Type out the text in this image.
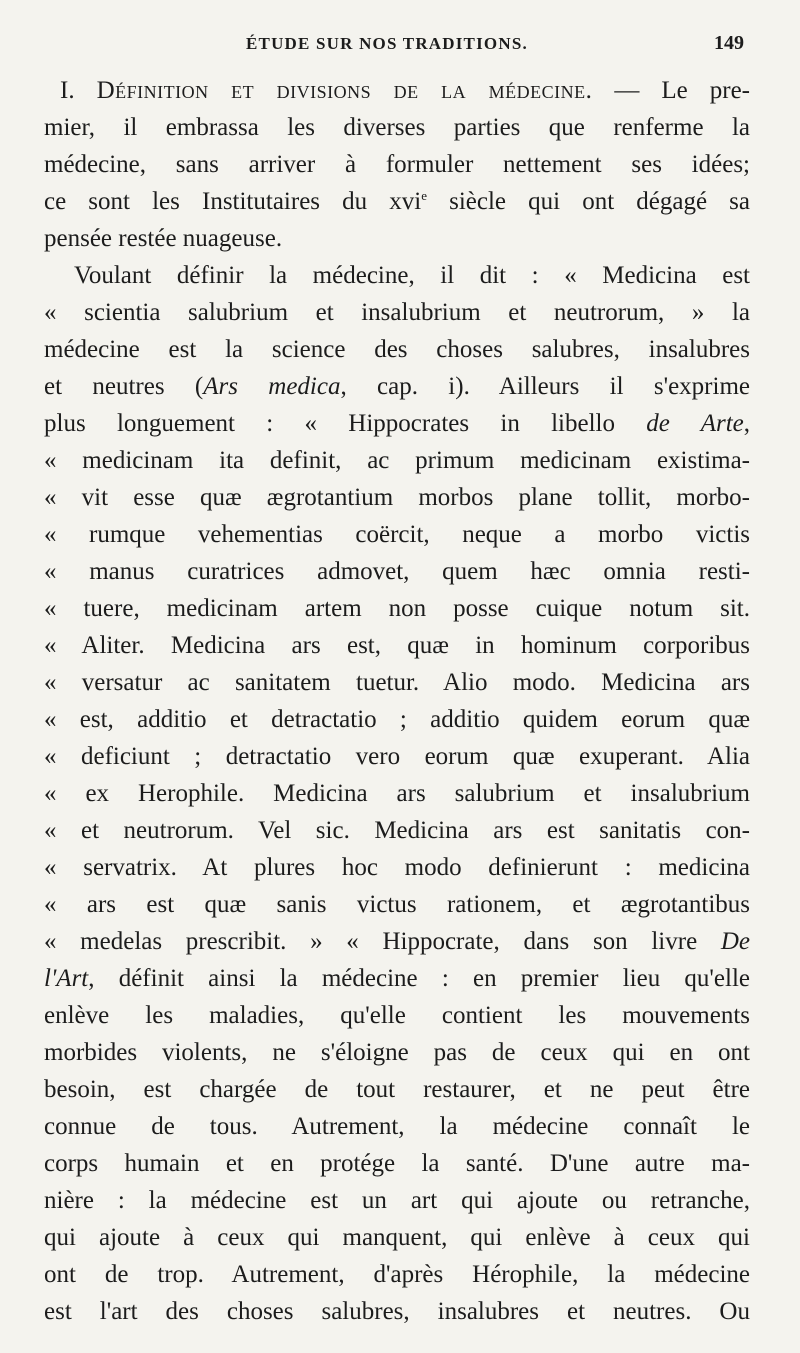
ÉTUDE SUR NOS TRADITIONS.	149
I. Définition et divisions de la médecine. — Le pre-
mier, il embrassa les diverses parties que renferme la
médecine, sans arriver à formuler nettement ses idées;
ce sont les Institutaires du xvi$^e$ siècle qui ont dégagé sa
pensée restée nuageuse.
Voulant définir la médecine, il dit : « Medicina est
« scientia salubrium et insalubrium et neutrorum, » la
médecine est la science des choses salubres, insalubres
et neutres (Ars medica, cap. i). Ailleurs il s'exprime
plus longuement : « Hippocrates in libello de Arte,
« medicinam ita definit, ac primum medicinam existima-
« vit esse quæ ægrotantium morbos plane tollit, morbo-
« rumque vehementias coërcit, neque a morbo victis
« manus curatrices admovet, quem hæc omnia resti-
« tuere, medicinam artem non posse cuique notum sit.
« Aliter. Medicina ars est, quæ in hominum corporibus
« versatur ac sanitatem tuetur. Alio modo. Medicina ars
« est, additio et detractatio ; additio quidem eorum quæ
« deficiunt ; detractatio vero eorum quæ exuperant. Alia
« ex Herophile. Medicina ars salubrium et insalubrium
« et neutrorum. Vel sic. Medicina ars est sanitatis con-
« servatrix. At plures hoc modo definierunt : medicina
« ars est quæ sanis victus rationem, et ægrotantibus
« medelas prescribit. » « Hippocrate, dans son livre De
l'Art, définit ainsi la médecine : en premier lieu qu'elle
enlève les maladies, qu'elle contient les mouvements
morbides violents, ne s'éloigne pas de ceux qui en ont
besoin, est chargée de tout restaurer, et ne peut être
connue de tous. Autrement, la médecine connaît le
corps humain et en protége la santé. D'une autre ma-
nière : la médecine est un art qui ajoute ou retranche,
qui ajoute à ceux qui manquent, qui enlève à ceux qui
ont de trop. Autrement, d'après Hérophile, la médecine
est l'art des choses salubres, insalubres et neutres. Ou
